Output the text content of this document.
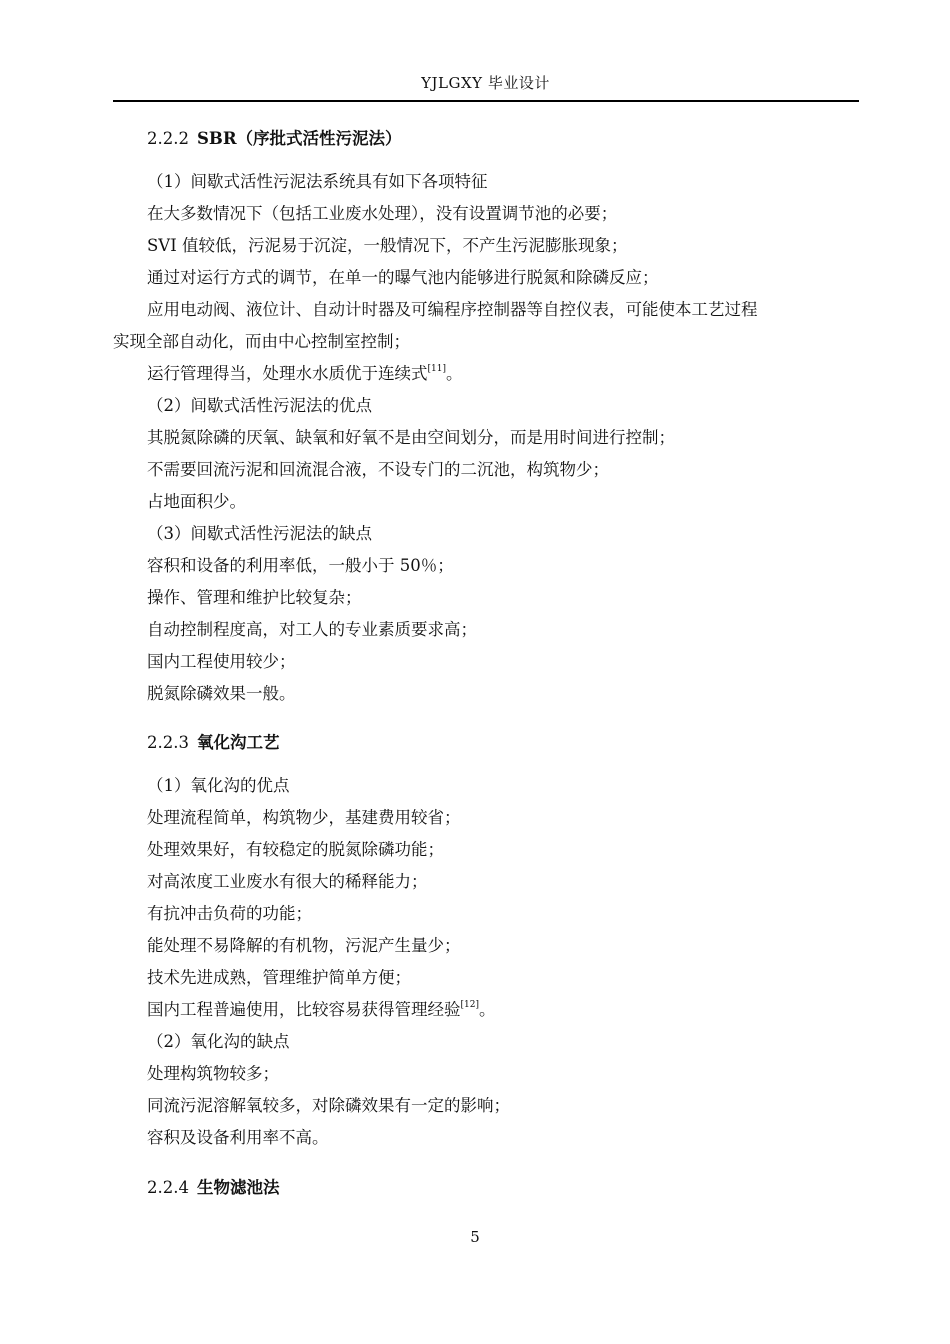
YJLGXY 毕业设计
2.2.2 SBR（序批式活性污泥法）
（1）间歇式活性污泥法系统具有如下各项特征
在大多数情况下（包括工业废水处理），没有设置调节池的必要；
SVI 值较低，污泥易于沉淀，一般情况下，不产生污泥膨胀现象；
通过对运行方式的调节，在单一的曝气池内能够进行脱氮和除磷反应；
应用电动阀、液位计、自动计时器及可编程序控制器等自控仪表，可能使本工艺过程
实现全部自动化，而由中心控制室控制；
运行管理得当，处理水水质优于连续式[11]。
（2）间歇式活性污泥法的优点
其脱氮除磷的厌氧、缺氧和好氧不是由空间划分，而是用时间进行控制；
不需要回流污泥和回流混合液，不设专门的二沉池，构筑物少；
占地面积少。
（3）间歇式活性污泥法的缺点
容积和设备的利用率低，一般小于 50％；
操作、管理和维护比较复杂；
自动控制程度高，对工人的专业素质要求高；
国内工程使用较少；
脱氮除磷效果一般。
2.2.3 氧化沟工艺
（1）氧化沟的优点
处理流程简单，构筑物少，基建费用较省；
处理效果好，有较稳定的脱氮除磷功能；
对高浓度工业废水有很大的稀释能力；
有抗冲击负荷的功能；
能处理不易降解的有机物，污泥产生量少；
技术先进成熟，管理维护简单方便；
国内工程普遍使用，比较容易获得管理经验[12]。
（2）氧化沟的缺点
处理构筑物较多；
同流污泥溶解氧较多，对除磷效果有一定的影响；
容积及设备利用率不高。
2.2.4 生物滤池法
5
